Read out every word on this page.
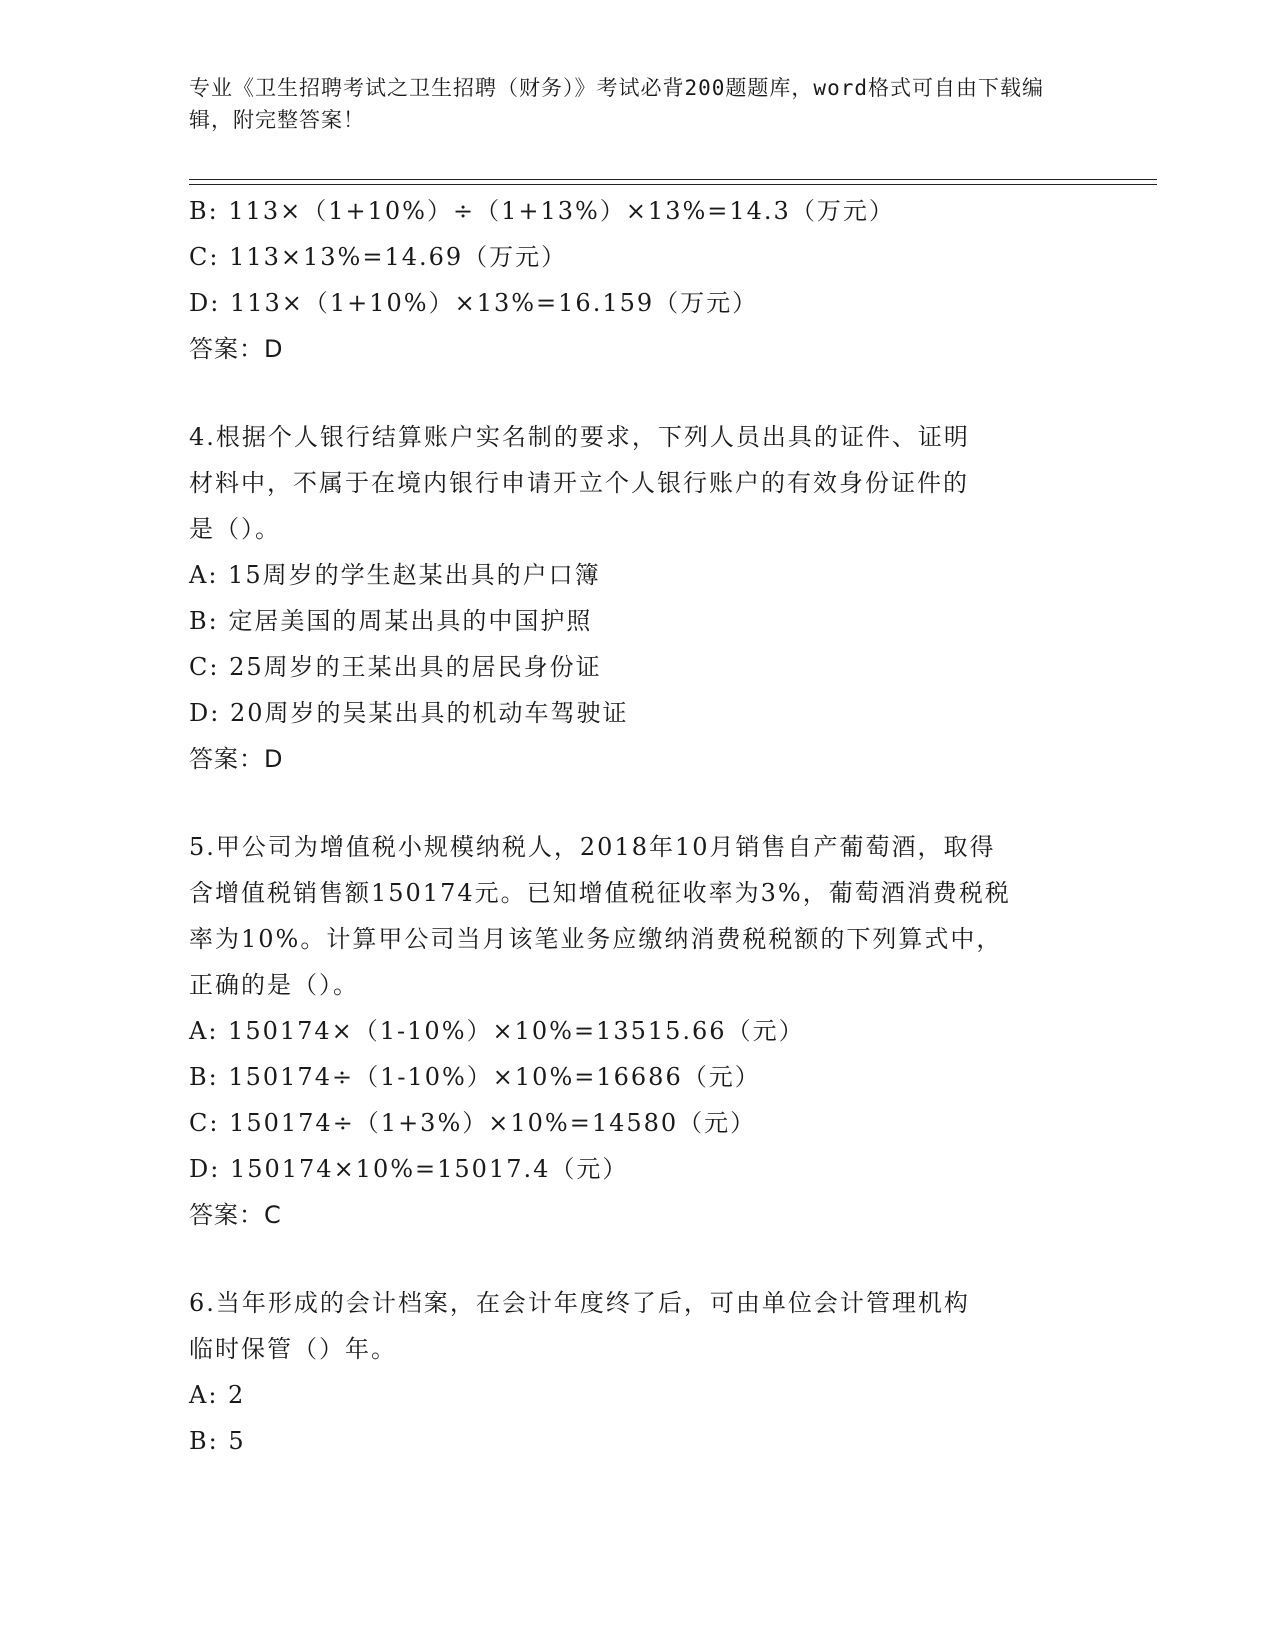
专业《卫生招聘考试之卫生招聘（财务）》考试必背200题题库，word格式可自由下载编辑，附完整答案！
B: 113×（1+10%）÷（1+13%）×13%=14.3（万元）
C: 113×13%=14.69（万元）
D: 113×（1+10%）×13%=16.159（万元）
答案：D
4.根据个人银行结算账户实名制的要求，下列人员出具的证件、证明
材料中，不属于在境内银行申请开立个人银行账户的有效身份证件的
是（）。
A: 15周岁的学生赵某出具的户口簿
B: 定居美国的周某出具的中国护照
C: 25周岁的王某出具的居民身份证
D: 20周岁的吴某出具的机动车驾驶证
答案：D
5.甲公司为增值税小规模纳税人，2018年10月销售自产葡萄酒，取得
含增值税销售额150174元。已知增值税征收率为3%，葡萄酒消费税税
率为10%。计算甲公司当月该笔业务应缴纳消费税税额的下列算式中，
正确的是（）。
A: 150174×（1-10%）×10%=13515.66（元）
B: 150174÷（1-10%）×10%=16686（元）
C: 150174÷（1+3%）×10%=14580（元）
D: 150174×10%=15017.4（元）
答案：C
6.当年形成的会计档案，在会计年度终了后，可由单位会计管理机构
临时保管（）年。
A: 2
B: 5
